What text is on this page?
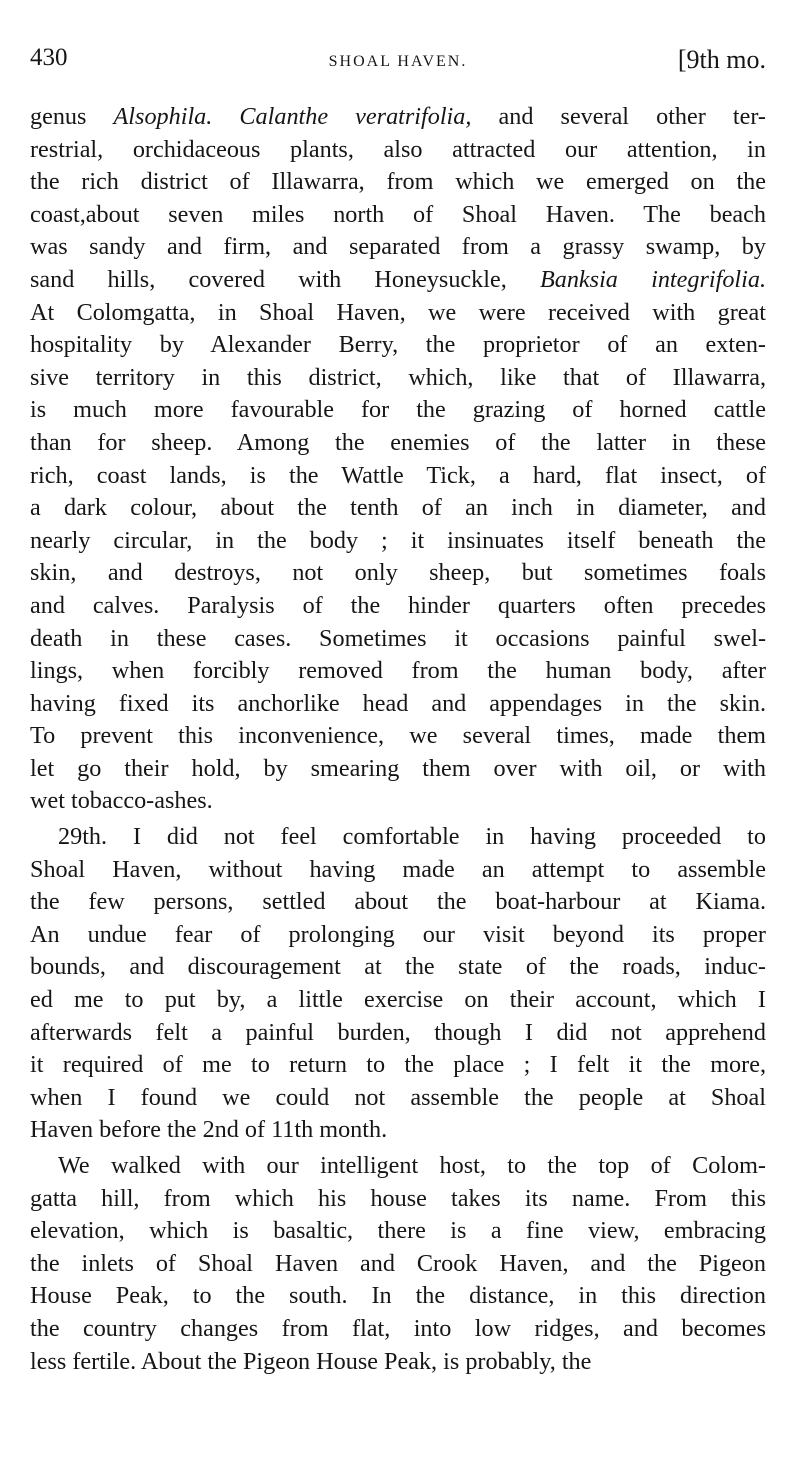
430	SHOAL HAVEN.	[9th mo.
genus Alsophila. Calanthe veratrifolia, and several other ter-
restrial, orchidaceous plants, also attracted our attention, in
the rich district of Illawarra, from which we emerged on the
coast,about seven miles north of Shoal Haven. The beach
was sandy and firm, and separated from a grassy swamp, by
sand hills, covered with Honeysuckle, Banksia integrifolia.
At Colomgatta, in Shoal Haven, we were received with great
hospitality by Alexander Berry, the proprietor of an exten-
sive territory in this district, which, like that of Illawarra,
is much more favourable for the grazing of horned cattle
than for sheep. Among the enemies of the latter in these
rich, coast lands, is the Wattle Tick, a hard, flat insect, of
a dark colour, about the tenth of an inch in diameter, and
nearly circular, in the body ; it insinuates itself beneath the
skin, and destroys, not only sheep, but sometimes foals
and calves. Paralysis of the hinder quarters often precedes
death in these cases. Sometimes it occasions painful swel-
lings, when forcibly removed from the human body, after
having fixed its anchorlike head and appendages in the skin.
To prevent this inconvenience, we several times, made them
let go their hold, by smearing them over with oil, or with
wet tobacco-ashes.
29th. I did not feel comfortable in having proceeded to
Shoal Haven, without having made an attempt to assemble
the few persons, settled about the boat-harbour at Kiama.
An undue fear of prolonging our visit beyond its proper
bounds, and discouragement at the state of the roads, induc-
ed me to put by, a little exercise on their account, which I
afterwards felt a painful burden, though I did not apprehend
it required of me to return to the place ; I felt it the more,
when I found we could not assemble the people at Shoal
Haven before the 2nd of 11th month.
We walked with our intelligent host, to the top of Colom-
gatta hill, from which his house takes its name. From this
elevation, which is basaltic, there is a fine view, embracing
the inlets of Shoal Haven and Crook Haven, and the Pigeon
House Peak, to the south. In the distance, in this direction
the country changes from flat, into low ridges, and becomes
less fertile. About the Pigeon House Peak, is probably, the
